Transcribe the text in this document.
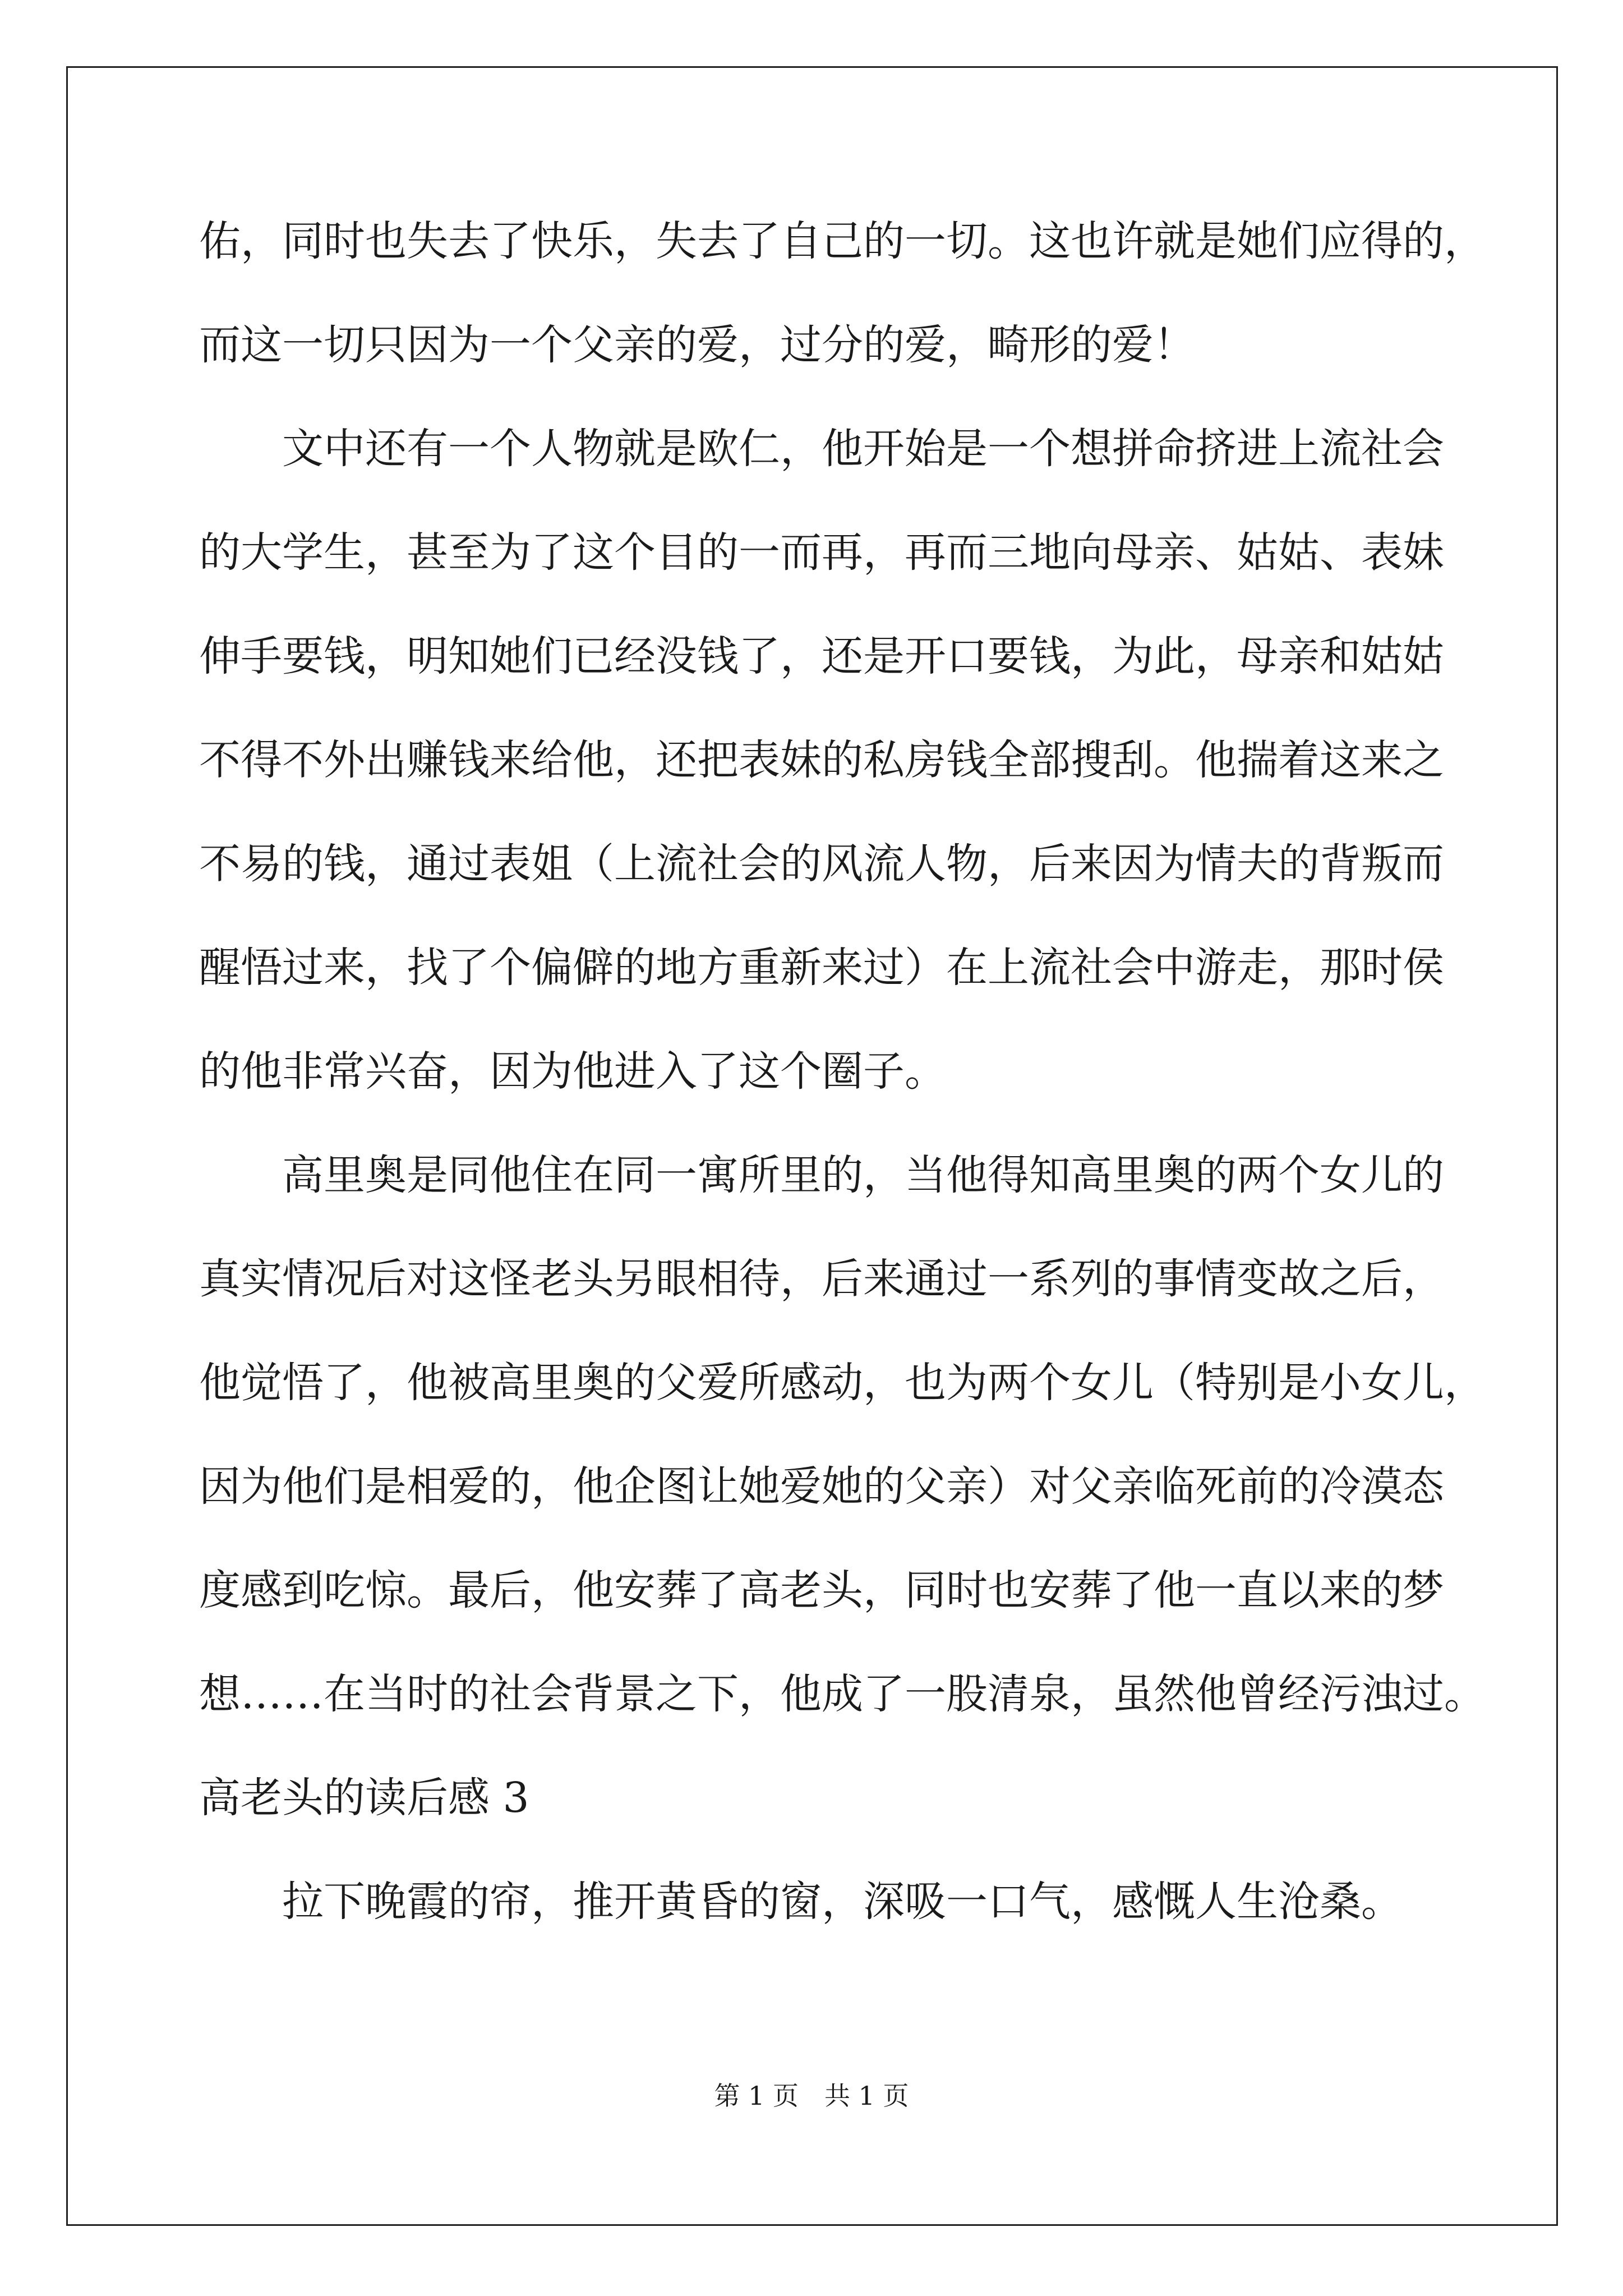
佑，同时也失去了快乐，失去了自己的一切。这也许就是她们应得的，
而这一切只因为一个父亲的爱，过分的爱，畸形的爱！
文中还有一个人物就是欧仁，他开始是一个想拼命挤进上流社会
的大学生，甚至为了这个目的一而再，再而三地向母亲、姑姑、表妹
伸手要钱，明知她们已经没钱了，还是开口要钱，为此，母亲和姑姑
不得不外出赚钱来给他，还把表妹的私房钱全部搜刮。他揣着这来之
不易的钱，通过表姐（上流社会的风流人物，后来因为情夫的背叛而
醒悟过来，找了个偏僻的地方重新来过）在上流社会中游走，那时侯
的他非常兴奋，因为他进入了这个圈子。
高里奥是同他住在同一寓所里的，当他得知高里奥的两个女儿的
真实情况后对这怪老头另眼相待，后来通过一系列的事情变故之后，
他觉悟了，他被高里奥的父爱所感动，也为两个女儿（特别是小女儿，
因为他们是相爱的，他企图让她爱她的父亲）对父亲临死前的冷漠态
度感到吃惊。最后，他安葬了高老头，同时也安葬了他一直以来的梦
想……在当时的社会背景之下，他成了一股清泉，虽然他曾经污浊过。
高老头的读后感 3
拉下晚霞的帘，推开黄昏的窗，深吸一口气，感慨人生沧桑。
第 1 页　共 1 页
